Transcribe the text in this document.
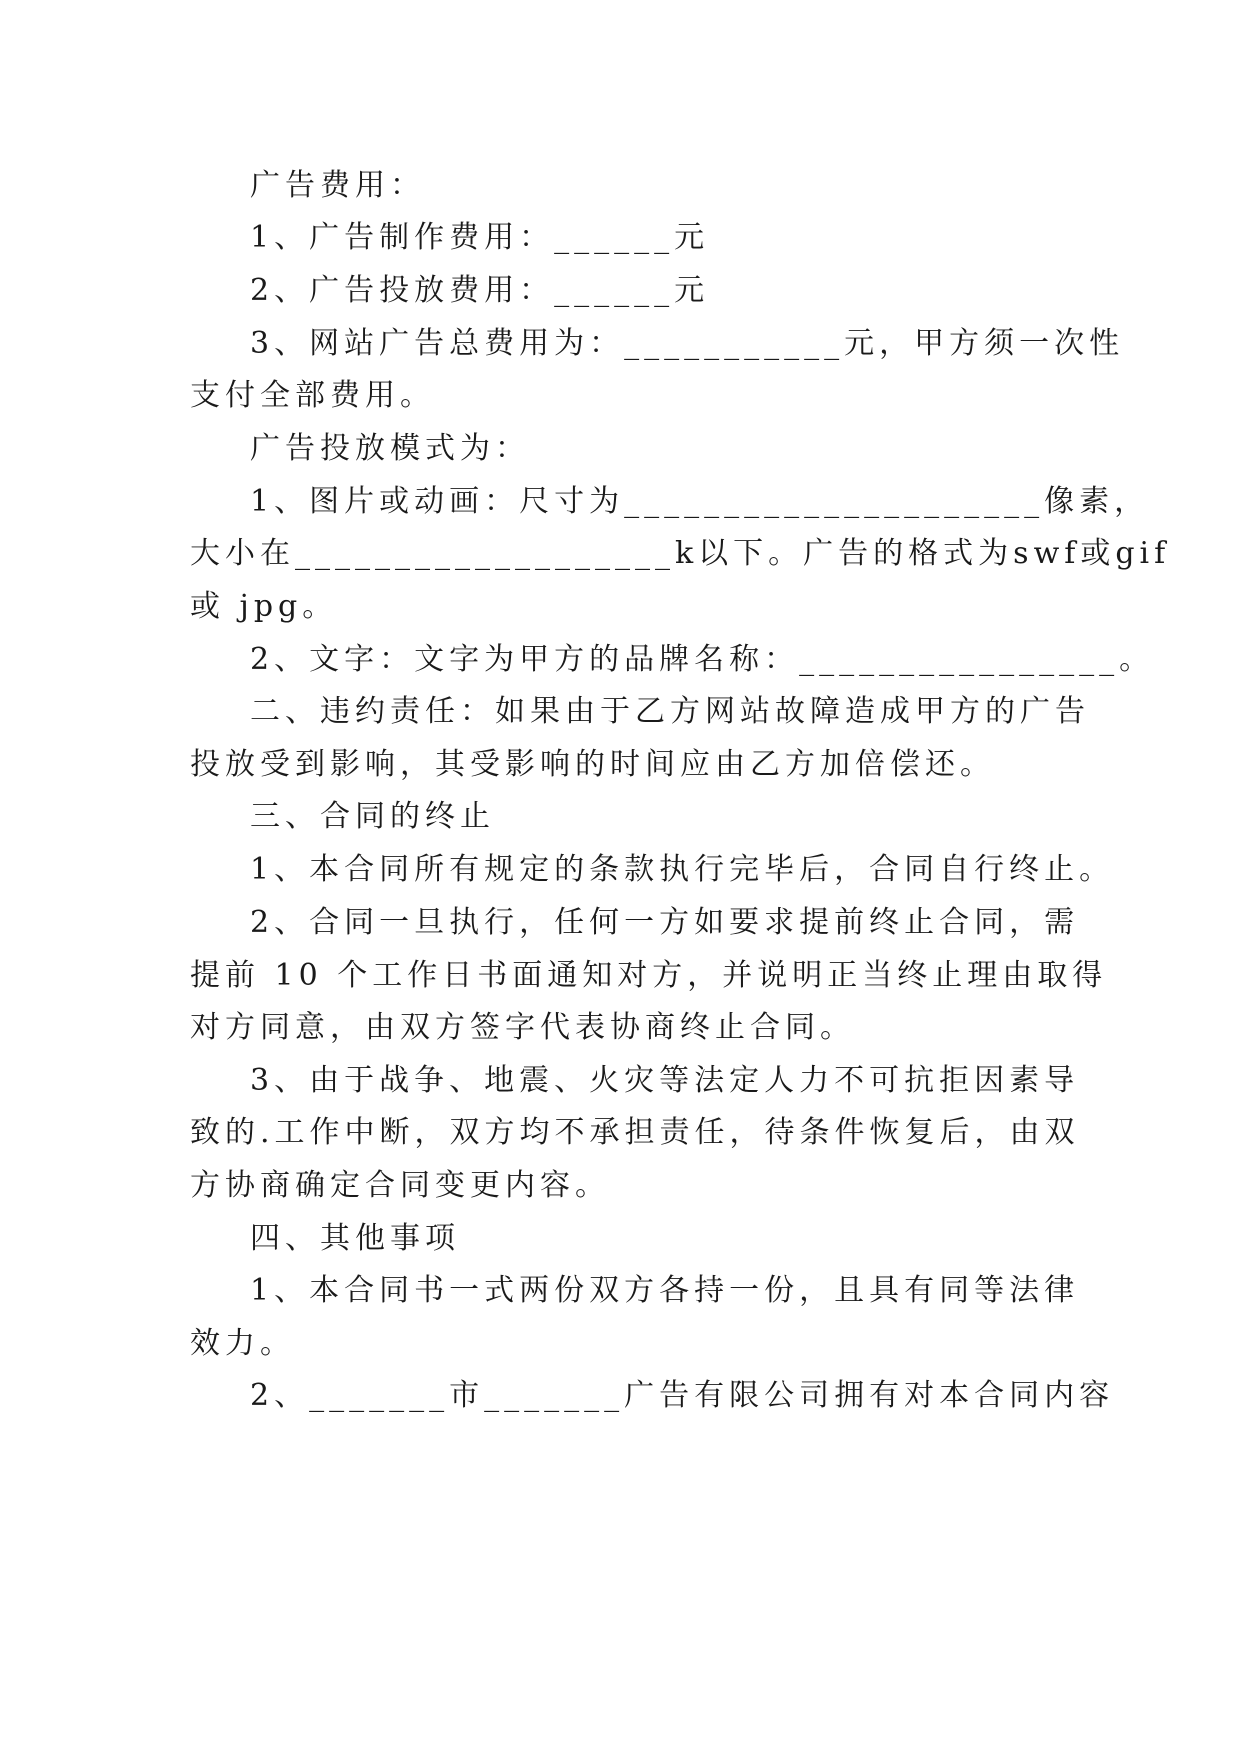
广告费用：
1、广告制作费用：______元
2、广告投放费用：______元
3、网站广告总费用为：___________元，甲方须一次性
支付全部费用。
广告投放模式为：
1、图片或动画：尺寸为_____________________像素，
大小在___________________k以下。广告的格式为swf或gif
或 jpg。
2、文字：文字为甲方的品牌名称：________________。
二、违约责任：如果由于乙方网站故障造成甲方的广告
投放受到影响，其受影响的时间应由乙方加倍偿还。
三、合同的终止
1、本合同所有规定的条款执行完毕后，合同自行终止。
2、合同一旦执行，任何一方如要求提前终止合同，需
提前 10 个工作日书面通知对方，并说明正当终止理由取得
对方同意，由双方签字代表协商终止合同。
3、由于战争、地震、火灾等法定人力不可抗拒因素导
致的.工作中断，双方均不承担责任，待条件恢复后，由双
方协商确定合同变更内容。
四、其他事项
1、本合同书一式两份双方各持一份，且具有同等法律
效力。
2、_______市_______广告有限公司拥有对本合同内容
